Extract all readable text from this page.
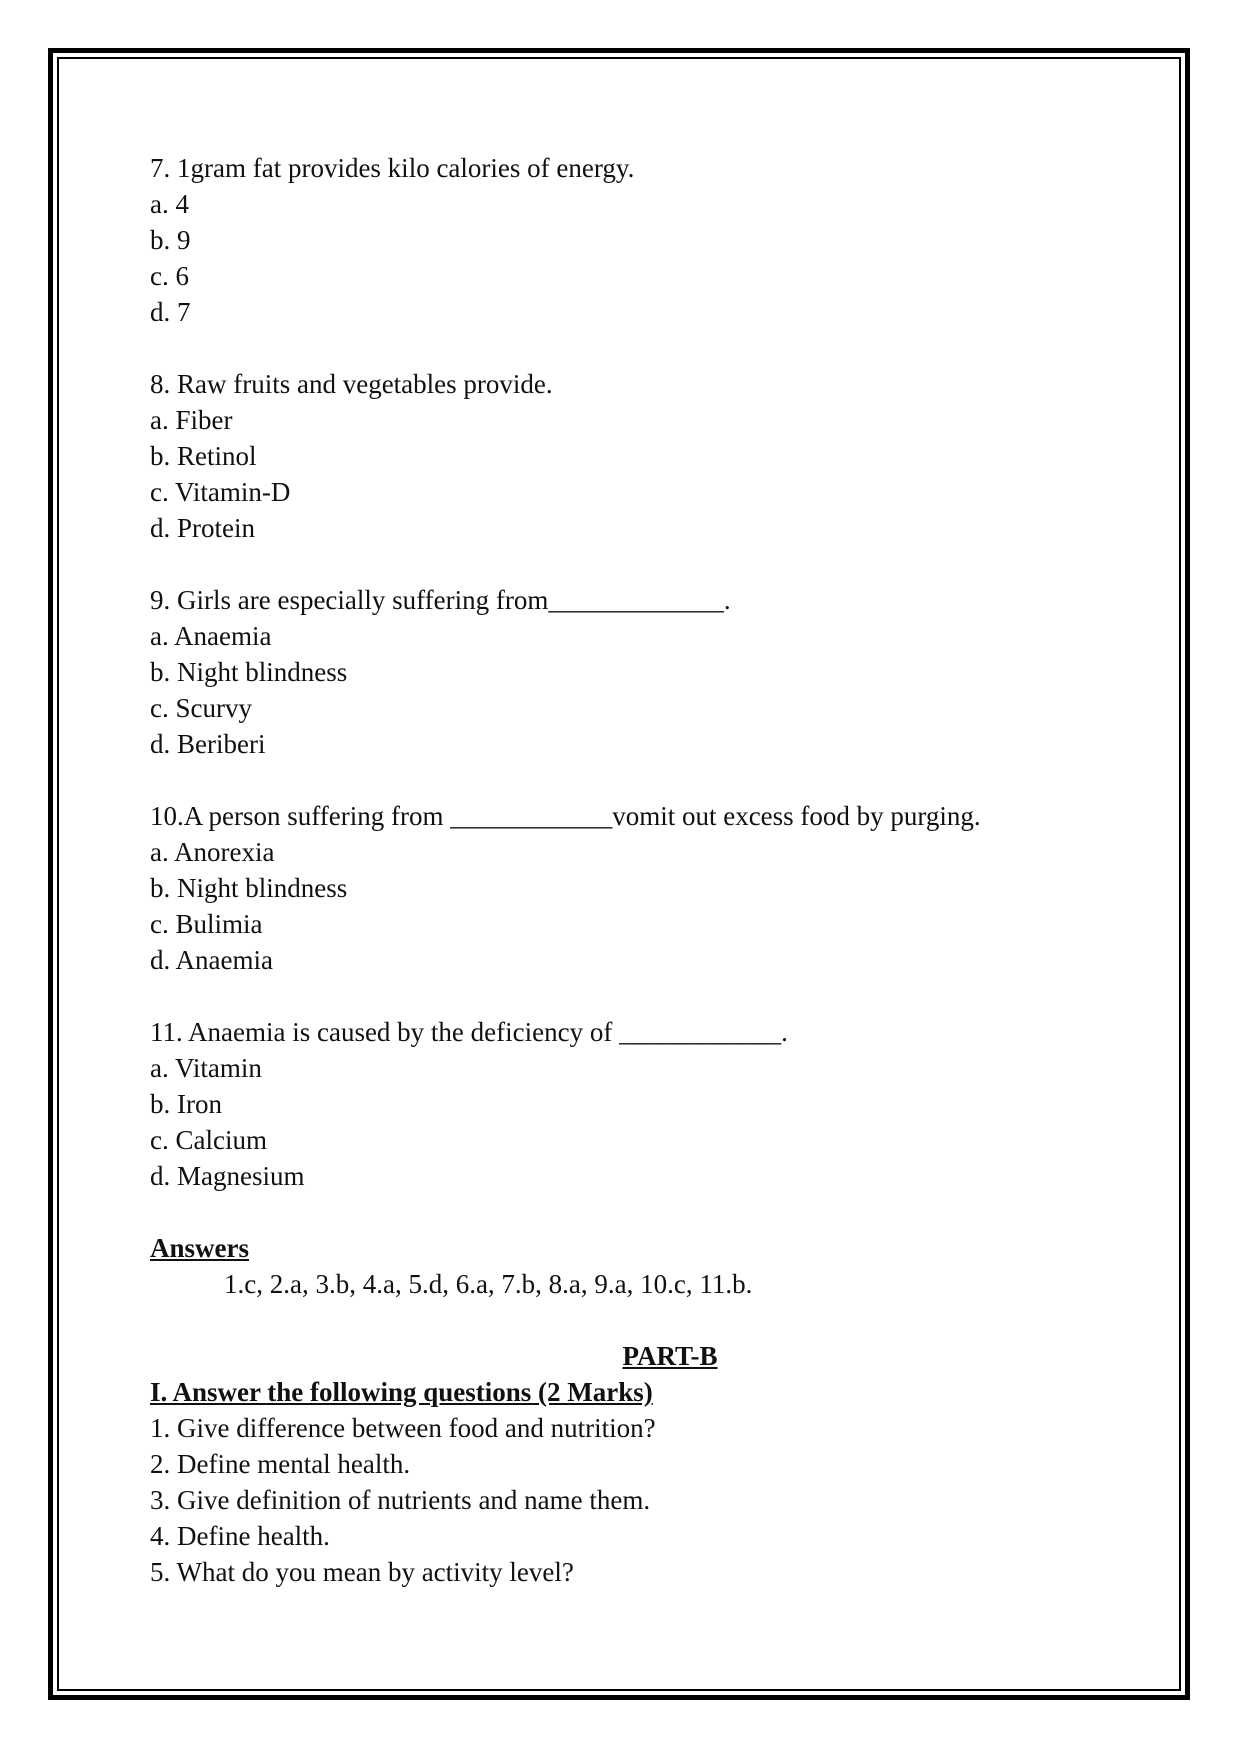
7. 1gram fat provides kilo calories of energy.
a. 4
b. 9
c. 6
d. 7
8. Raw fruits and vegetables provide.
a. Fiber
b. Retinol
c. Vitamin-D
d. Protein
9. Girls are especially suffering from_____________.
a. Anaemia
b. Night blindness
c. Scurvy
d. Beriberi
10.A person suffering from ____________vomit out excess food by purging.
a. Anorexia
b. Night blindness
c. Bulimia
d. Anaemia
11. Anaemia is caused by the deficiency of ____________.
a. Vitamin
b. Iron
c. Calcium
d. Magnesium
Answers
1.c, 2.a, 3.b, 4.a, 5.d, 6.a, 7.b, 8.a, 9.a, 10.c, 11.b.
PART-B
I. Answer the following questions (2 Marks)
1. Give difference between food and nutrition?
2. Define mental health.
3. Give definition of nutrients and name them.
4. Define health.
5. What do you mean by activity level?
